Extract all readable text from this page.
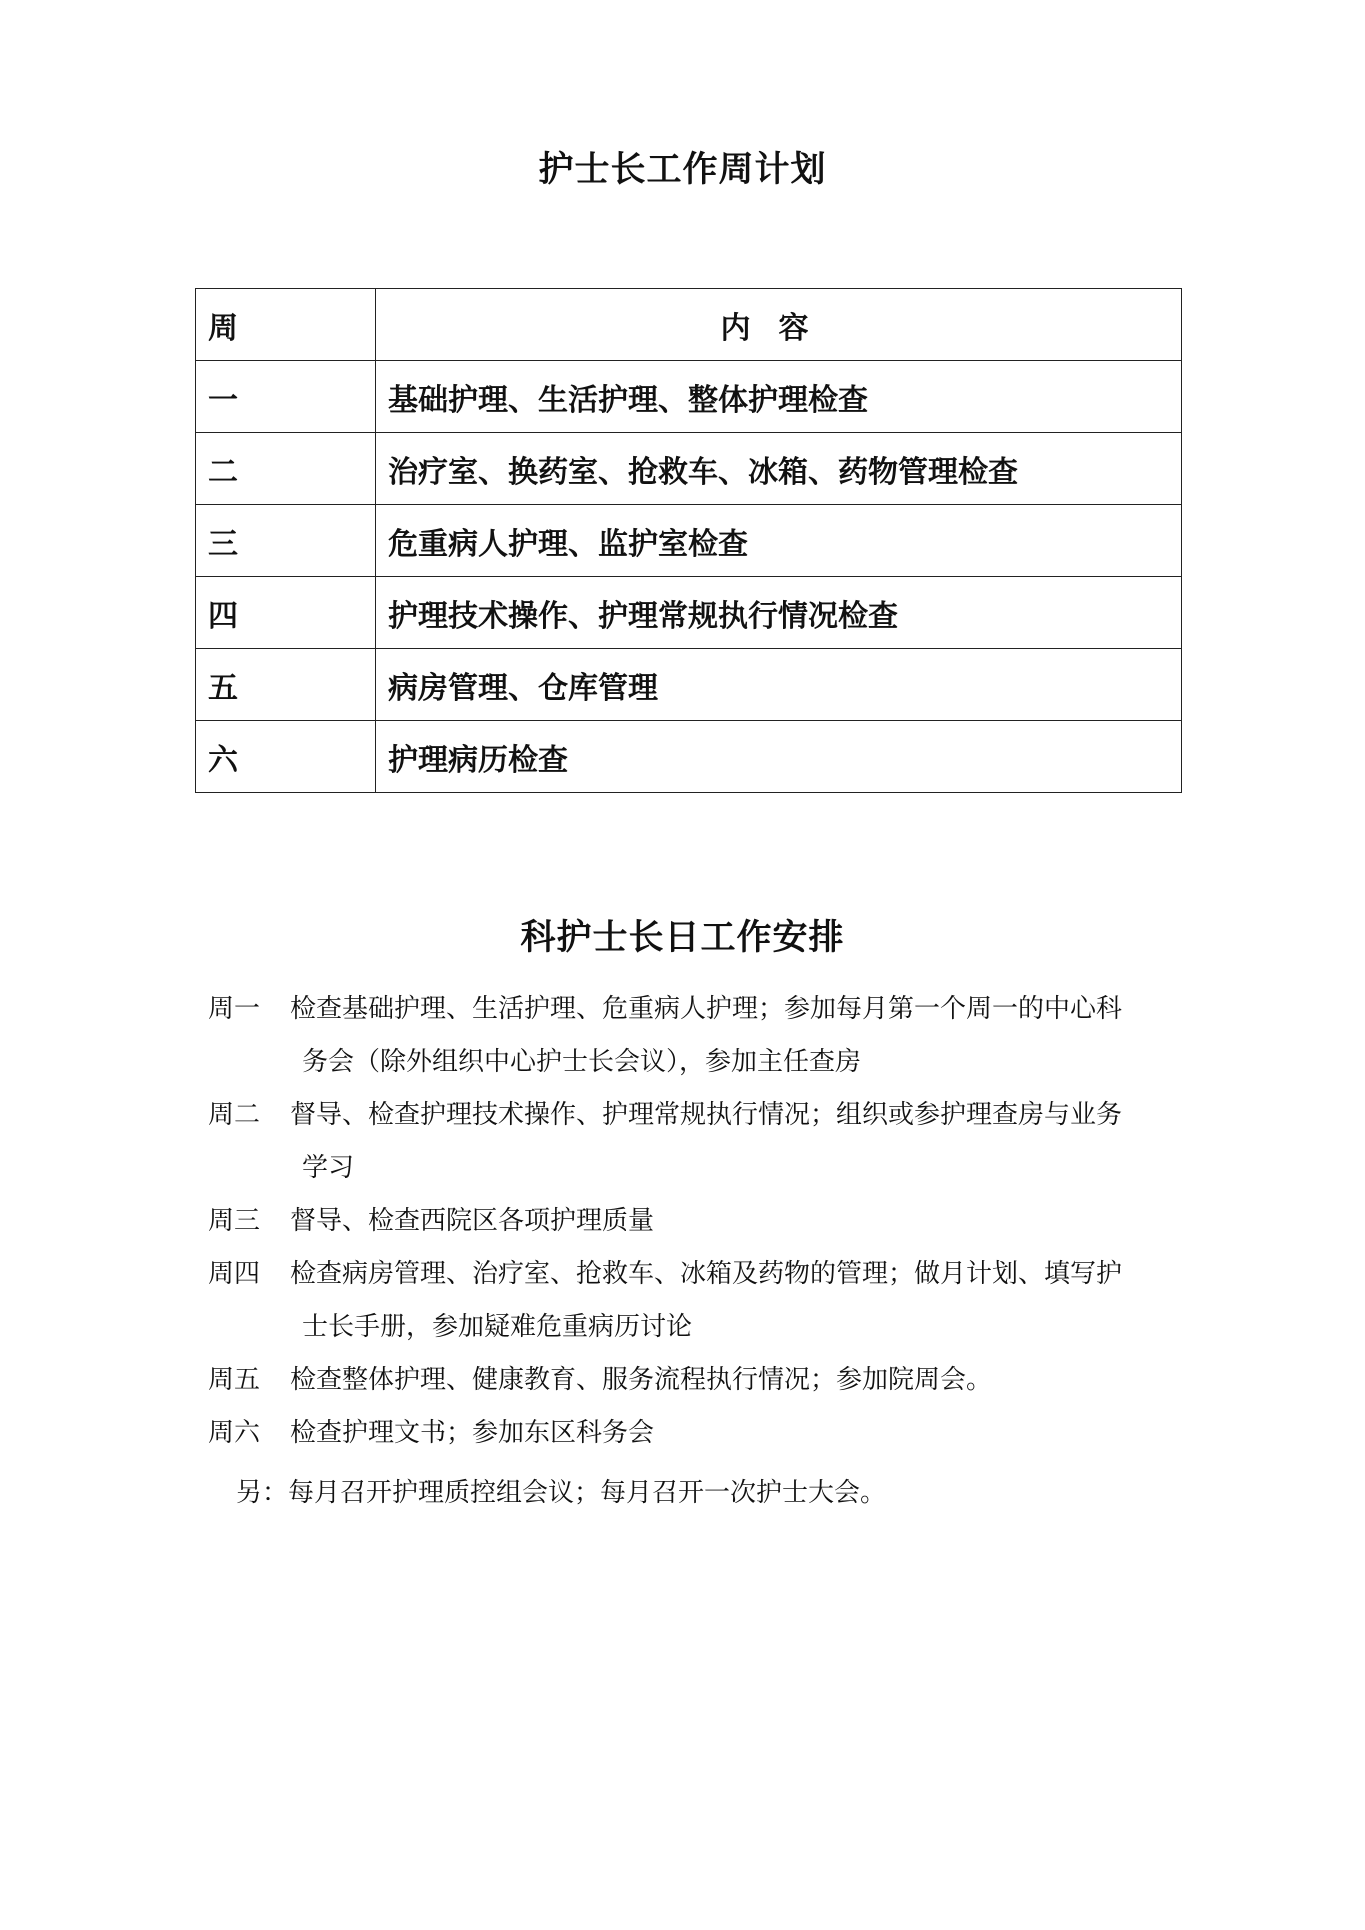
护士长工作周计划
周	内容
一	基础护理、生活护理、整体护理检查
二	治疗室、换药室、抢救车、冰箱、药物管理检查
三	危重病人护理、监护室检查
四	护理技术操作、护理常规执行情况检查
五	病房管理、仓库管理
六	护理病历检查
科护士长日工作安排
周一	检查基础护理、生活护理、危重病人护理；参加每月第一个周一的中心科
务会（除外组织中心护士长会议），参加主任查房
周二	督导、检查护理技术操作、护理常规执行情况；组织或参护理查房与业务
学习
周三	督导、检查西院区各项护理质量
周四	检查病房管理、治疗室、抢救车、冰箱及药物的管理；做月计划、填写护
士长手册，参加疑难危重病历讨论
周五	检查整体护理、健康教育、服务流程执行情况；参加院周会。
周六	检查护理文书；参加东区科务会
另：每月召开护理质控组会议；每月召开一次护士大会。
